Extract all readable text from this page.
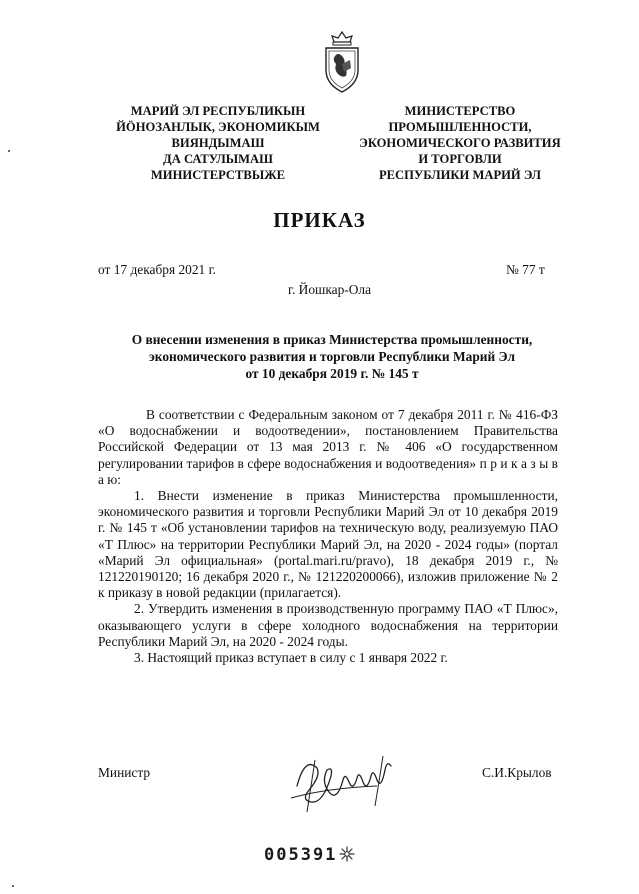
МАРИЙ ЭЛ РЕСПУБЛИКЫН
ЙӦНОЗАНЛЫК, ЭКОНОМИКЫМ
ВИЯНДЫМАШ
ДА САТУЛЫМАШ
МИНИСТЕРСТВЫЖЕ
МИНИСТЕРСТВО
ПРОМЫШЛЕННОСТИ,
ЭКОНОМИЧЕСКОГО РАЗВИТИЯ
И ТОРГОВЛИ
РЕСПУБЛИКИ МАРИЙ ЭЛ
ПРИКАЗ
от 17 декабря 2021 г.	№ 77 т
г. Йошкар-Ола
О внесении изменения в приказ Министерства промышленности,
экономического развития и торговли Республики Марий Эл
от 10 декабря 2019 г. № 145 т

В соответствии с Федеральным законом от 7 декабря 2011 г. № 416-ФЗ «О водоснабжении и водоотведении», постановлением Правительства Российской Федерации от 13 мая 2013 г. № 406 «О государственном регулировании тарифов в сфере водоснабжения и водоотведения» п р и к а з ы в а ю:

1. Внести изменение в приказ Министерства промышленности, экономического развития и торговли Республики Марий Эл от 10 декабря 2019 г. № 145 т «Об установлении тарифов на техническую воду, реализуемую ПАО «Т Плюс» на территории Республики Марий Эл, на 2020 - 2024 годы» (портал «Марий Эл официальная» (portal.mari.ru/pravo), 18 декабря 2019 г., № 121220190120; 16 декабря 2020 г., № 121220200066), изложив приложение № 2 к приказу в новой редакции (прилагается).

2. Утвердить изменения в производственную программу ПАО «Т Плюс», оказывающего услуги в сфере холодного водоснабжения на территории Республики Марий Эл, на 2020 - 2024 годы.

3. Настоящий приказ вступает в силу с 1 января 2022 г.

Министр	С.И.Крылов
005391
